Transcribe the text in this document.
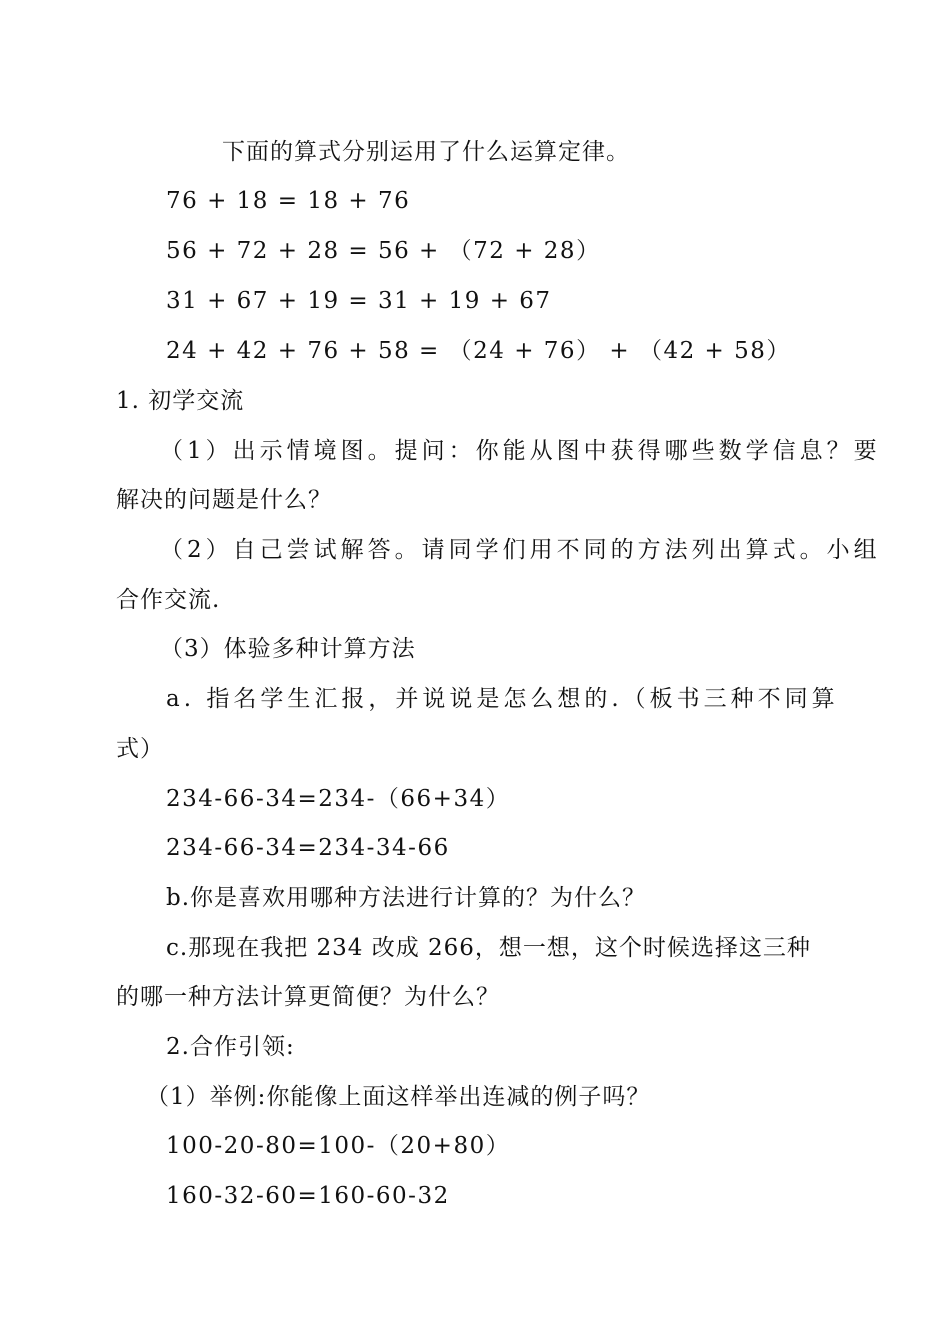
下面的算式分别运用了什么运算定律。
76 + 18 = 18 + 76
56 + 72 + 28 = 56 + （72 + 28）
31 + 67 + 19 = 31 + 19 + 67
24 + 42 + 76 + 58 = （24 + 76） + （42 + 58）
1. 初学交流
（1）出示情境图。提问：你能从图中获得哪些数学信息？要
解决的问题是什么？
（2）自己尝试解答。请同学们用不同的方法列出算式。小组
合作交流.
（3）体验多种计算方法
a. 指名学生汇报，并说说是怎么想的.（板书三种不同算
式）
234-66-34=234-（66+34）
234-66-34=234-34-66
b.你是喜欢用哪种方法进行计算的？为什么？
c.那现在我把 234 改成 266，想一想，这个时候选择这三种
的哪一种方法计算更简便？为什么？
2.合作引领:
（1）举例:你能像上面这样举出连减的例子吗？
100-20-80=100-（20+80）
160-32-60=160-60-32
